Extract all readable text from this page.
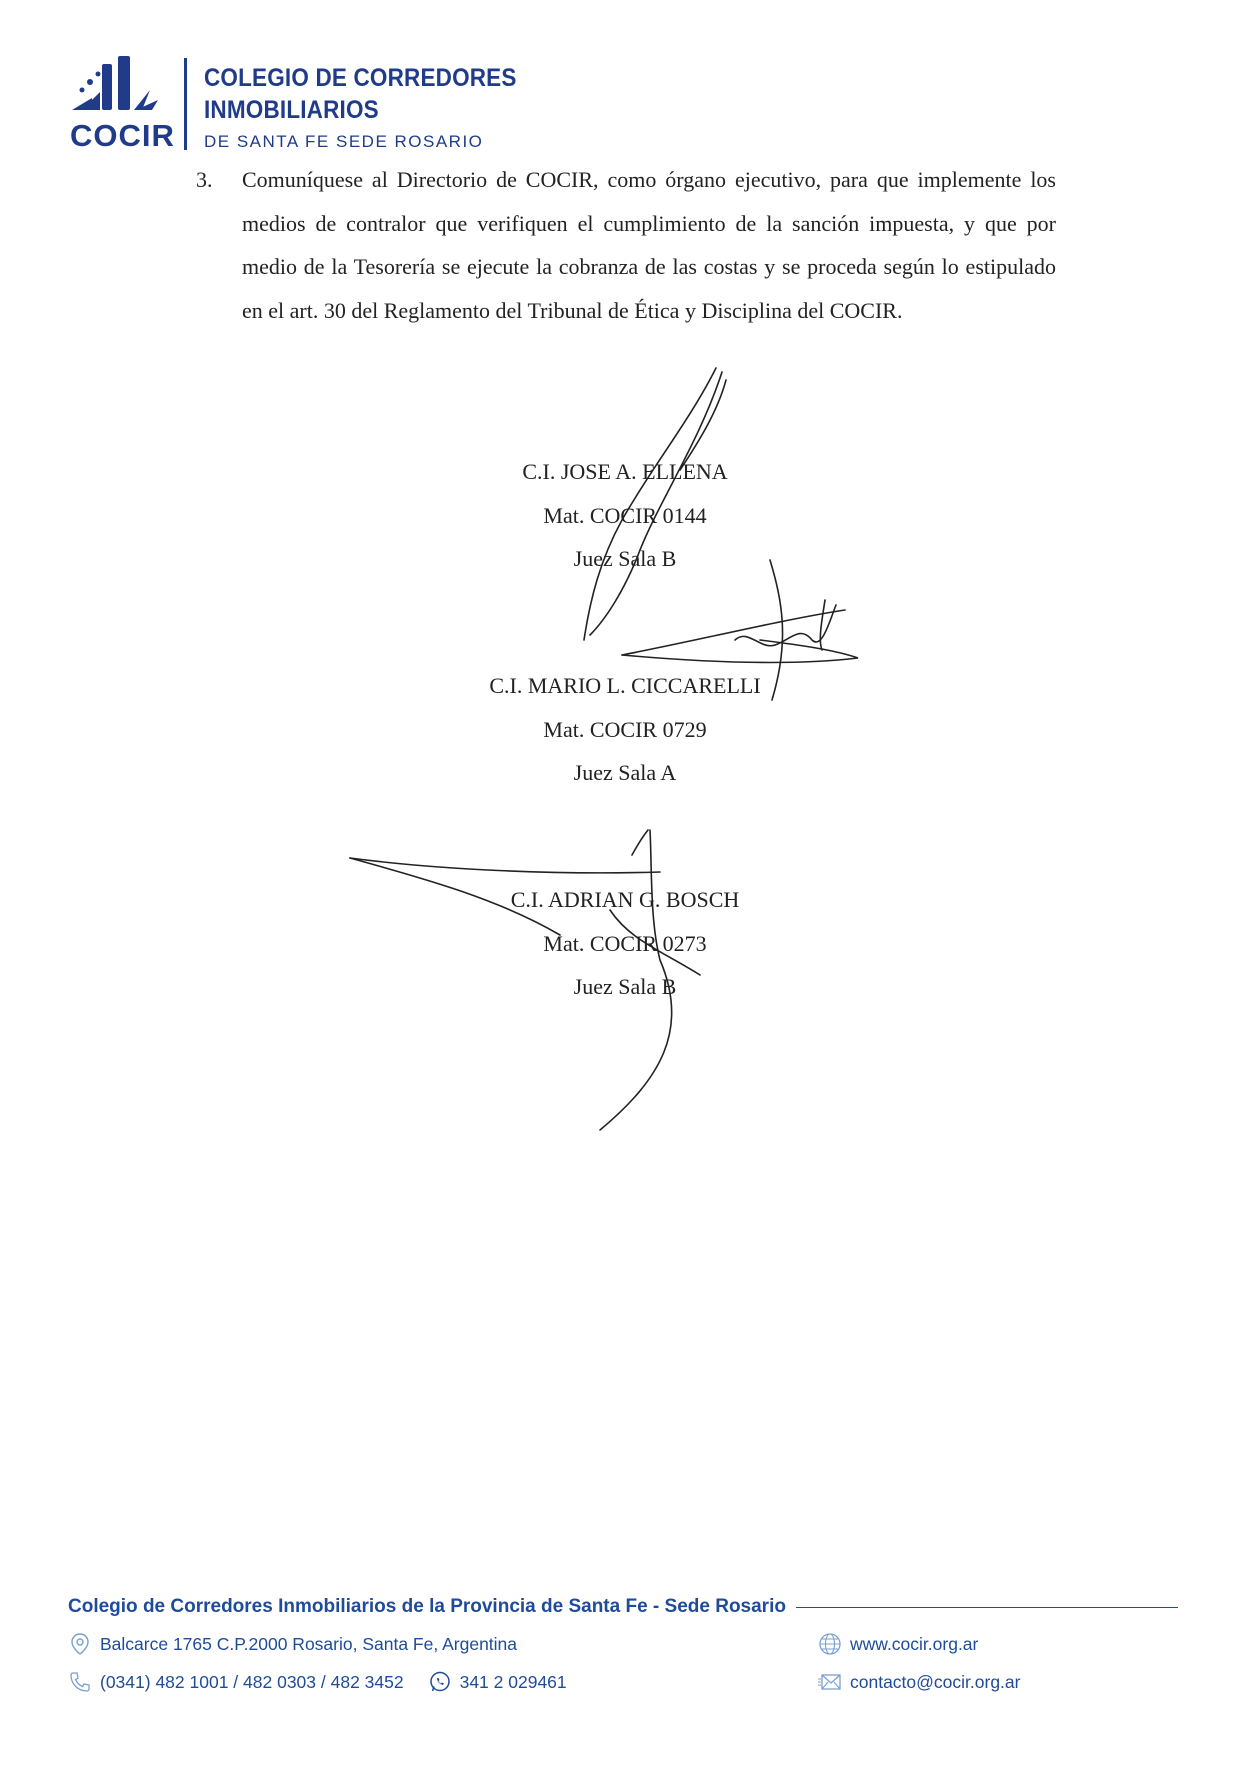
COCIR
COLEGIO DE CORREDORES
INMOBILIARIOS
DE SANTA FE SEDE ROSARIO
3. Comuníquese al Directorio de COCIR, como órgano ejecutivo, para que implemente los medios de contralor que verifiquen el cumplimiento de la sanción impuesta, y que por medio de la Tesorería se ejecute la cobranza de las costas y se proceda según lo estipulado en el art. 30 del Reglamento del Tribunal de Ética y Disciplina del COCIR.
C.I. JOSE A. ELLENA
Mat. COCIR 0144
Juez Sala B
C.I. MARIO L. CICCARELLI
Mat. COCIR 0729
Juez Sala A
C.I. ADRIAN G. BOSCH
Mat. COCIR 0273
Juez Sala B
Colegio de Corredores Inmobiliarios de la Provincia de Santa Fe - Sede Rosario
Balcarce 1765 C.P.2000 Rosario, Santa Fe, Argentina	www.cocir.org.ar
(0341) 482 1001 / 482 0303 / 482 3452	341 2 029461	contacto@cocir.org.ar
